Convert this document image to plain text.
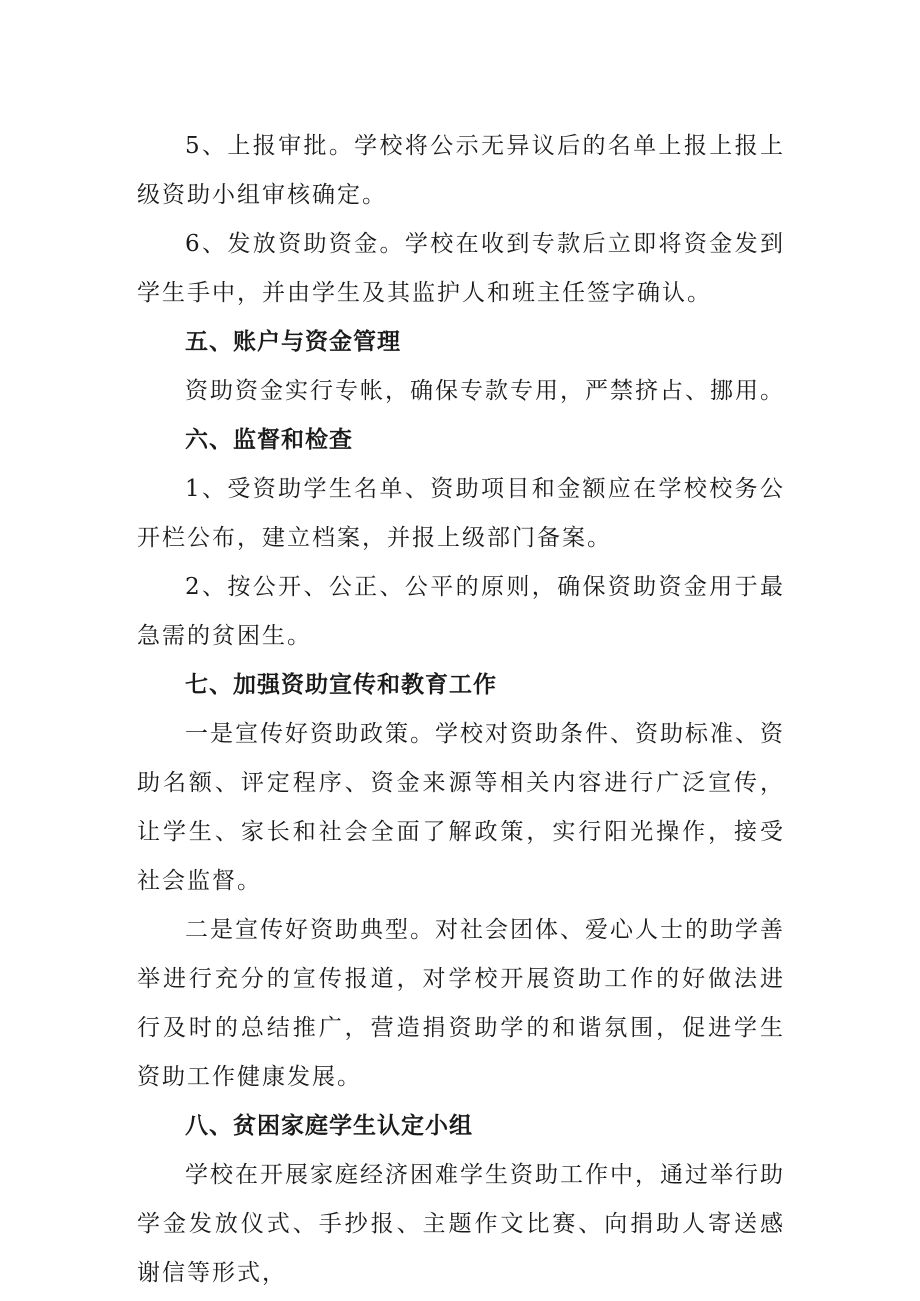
5、上报审批。学校将公示无异议后的名单上报上报上级资助小组审核确定。

6、发放资助资金。学校在收到专款后立即将资金发到学生手中，并由学生及其监护人和班主任签字确认。

五、账户与资金管理

资助资金实行专帐，确保专款专用，严禁挤占、挪用。

六、监督和检查

1、受资助学生名单、资助项目和金额应在学校校务公开栏公布，建立档案，并报上级部门备案。

2、按公开、公正、公平的原则，确保资助资金用于最急需的贫困生。

七、加强资助宣传和教育工作

一是宣传好资助政策。学校对资助条件、资助标准、资助名额、评定程序、资金来源等相关内容进行广泛宣传，让学生、家长和社会全面了解政策，实行阳光操作，接受社会监督。

二是宣传好资助典型。对社会团体、爱心人士的助学善举进行充分的宣传报道，对学校开展资助工作的好做法进行及时的总结推广，营造捐资助学的和谐氛围，促进学生资助工作健康发展。

八、贫困家庭学生认定小组

学校在开展家庭经济困难学生资助工作中，通过举行助学金发放仪式、手抄报、主题作文比赛、向捐助人寄送感谢信等形式，
